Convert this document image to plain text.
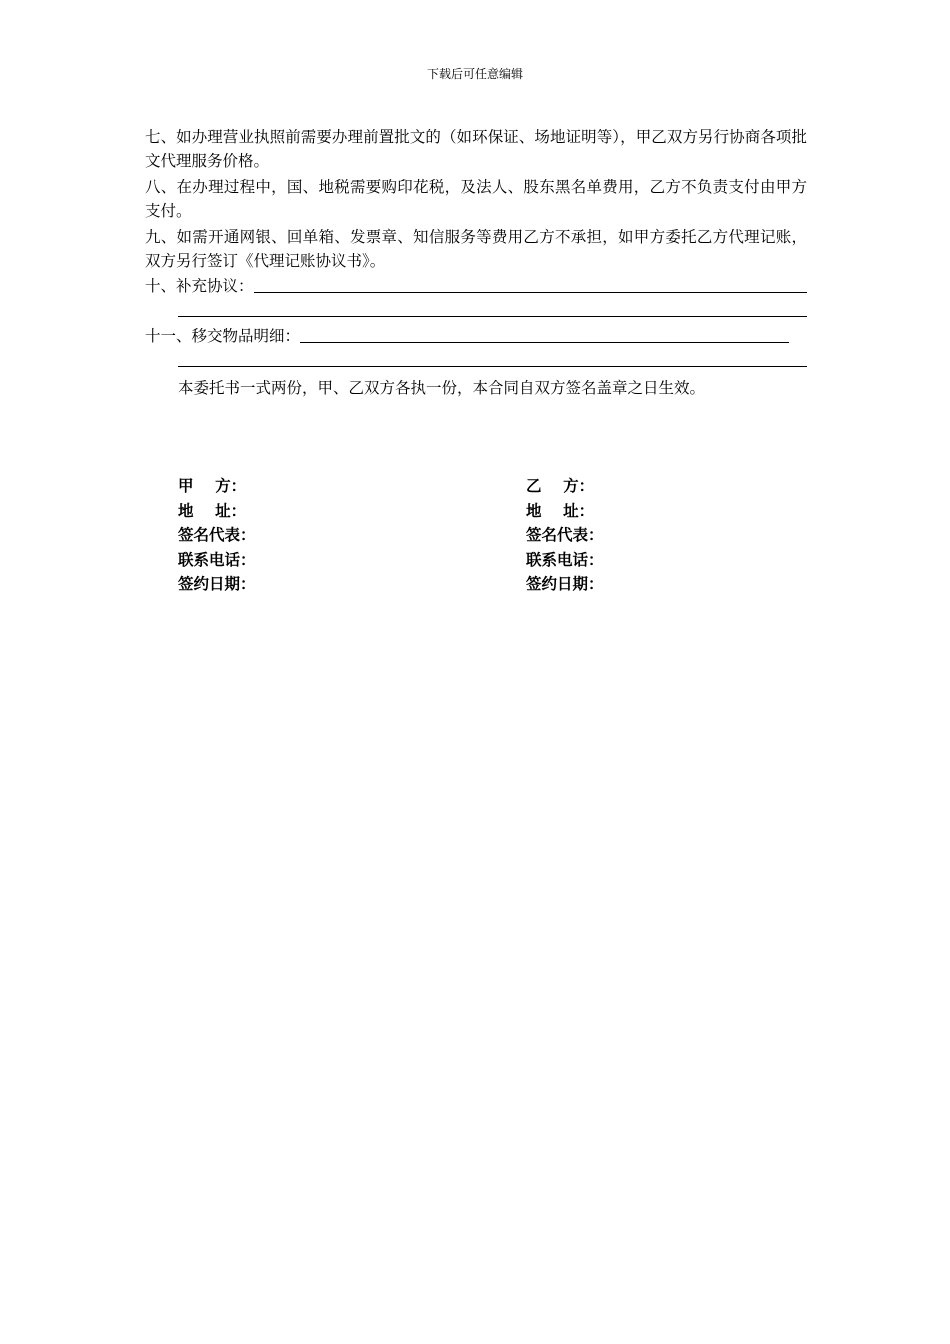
下载后可任意编辑
七、如办理营业执照前需要办理前置批文的（如环保证、场地证明等），甲乙双方另行协商各项批文代理服务价格。
八、在办理过程中，国、地税需要购印花税，及法人、股东黑名单费用，乙方不负责支付由甲方支付。
九、如需开通网银、回单箱、发票章、知信服务等费用乙方不承担，如甲方委托乙方代理记账，双方另行签订《代理记账协议书》。
十、补充协议：
十一、移交物品明细：
本委托书一式两份，甲、乙双方各执一份，本合同自双方签名盖章之日生效。
甲    方：
地    址：
签名代表：
联系电话：
签约日期：
乙    方：
地    址：
签名代表：
联系电话：
签约日期：
